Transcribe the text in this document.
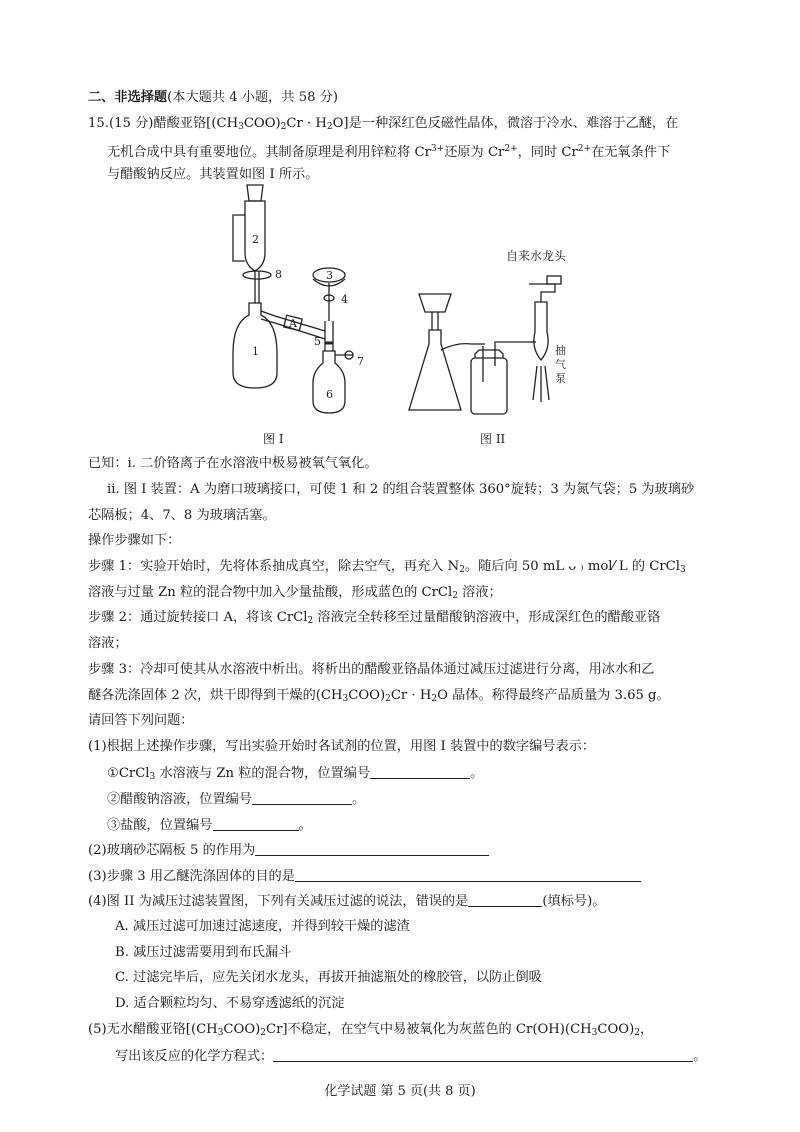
二、非选择题(本大题共 4 小题，共 58 分)
15.(15 分)醋酸亚铬$[(CH_3COO)_2Cr \cdot H_2O]$是一种深红色反磁性晶体，微溶于冷水、难溶于乙醚，在
无机合成中具有重要地位。其制备原理是利用锌粒将 $Cr^{3+}$还原为 $Cr^{2+}$，同时 $Cr^{2+}$在无氧条件下
与醋酸钠反应。其装置如图 I 所示。
2
8	3
4
A
5
1
7
6
图 I
自来水龙头
抽
气
泵
图 II
已知：ⅰ. 二价铬离子在水溶液中极易被氧气氧化。
ⅱ. 图 I 装置：A 为磨口玻璃接口，可使 1 和 2 的组合装置整体 360°旋转；3 为氮气袋；5 为玻璃砂
芯隔板；4、7、8 为玻璃活塞。
操作步骤如下：
步骤 1：实验开始时，先将体系抽成真空，除去空气，再充入 $N_2$。随后向 50 mL ᴗ ₎ mol⁄ L 的 CrCl$_3$
溶液与过量 Zn 粒的混合物中加入少量盐酸，形成蓝色的 CrCl$_2$ 溶液；
步骤 2：通过旋转接口 A，将该 CrCl$_2$ 溶液完全转移至过量醋酸钠溶液中，形成深红色的醋酸亚铬
溶液；
步骤 3：冷却可使其从水溶液中析出。将析出的醋酸亚铬晶体通过减压过滤进行分离，用冰水和乙
醚各洗涤固体 2 次，烘干即得到干燥的$(CH_3COO)_2Cr \cdot H_2O$ 晶体。称得最终产品质量为 3.65 g。
请回答下列问题：
(1)根据上述操作步骤，写出实验开始时各试剂的位置，用图 I 装置中的数字编号表示：
①CrCl$_3$ 水溶液与 Zn 粒的混合物，位置编号	。
②醋酸钠溶液，位置编号	。
③盐酸，位置编号	。
(2)玻璃砂芯隔板 5 的作用为
(3)步骤 3 用乙醚洗涤固体的目的是
(4)图 II 为减压过滤装置图，下列有关减压过滤的说法，错误的是	(填标号)。
A. 减压过滤可加速过滤速度，并得到较干燥的滤渣
B. 减压过滤需要用到布氏漏斗
C. 过滤完毕后，应先关闭水龙头，再拔开抽滤瓶处的橡胶管，以防止倒吸
D. 适合颗粒均匀、不易穿透滤纸的沉淀
(5)无水醋酸亚铬$[(CH_3COO)_2Cr]$不稳定，在空气中易被氧化为灰蓝色的 $Cr(OH)(CH_3COO)_2$，
写出该反应的化学方程式：	。
化学试题 第 5 页(共 8 页)
